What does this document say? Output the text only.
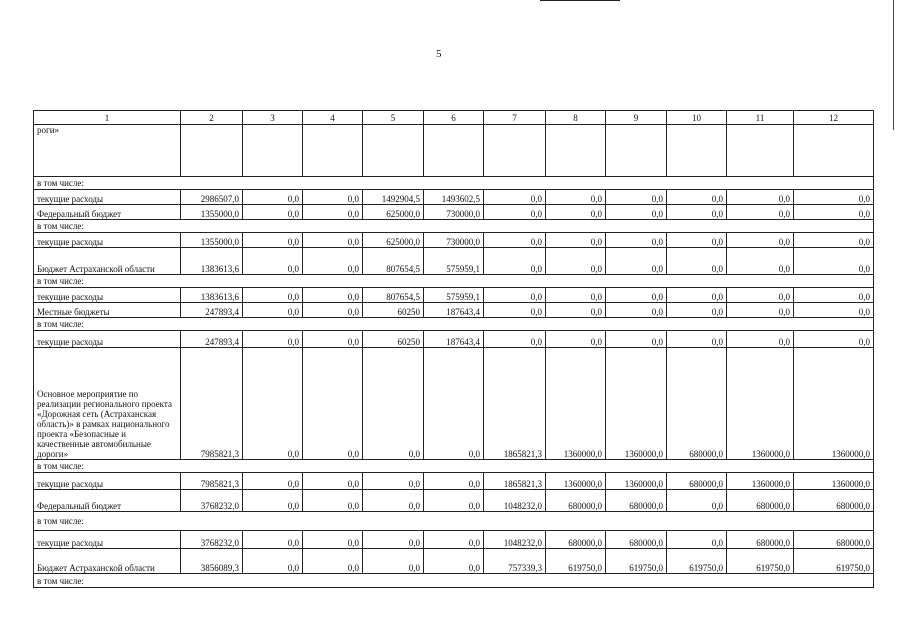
5
1	2	3	4	5	6	7	8	9	10	11	12
роги»											
в том числе:											
текущие расходы	2986507,0	0,0	0,0	1492904,5	1493602,5	0,0	0,0	0,0	0,0	0,0	0,0
Федеральный бюджет	1355000,0	0,0	0,0	625000,0	730000,0	0,0	0,0	0,0	0,0	0,0	0,0
в том числе:											
текущие расходы	1355000,0	0,0	0,0	625000,0	730000,0	0,0	0,0	0,0	0,0	0,0	0,0
Бюджет Астраханской области	1383613,6	0,0	0,0	807654,5	575959,1	0,0	0,0	0,0	0,0	0,0	0,0
в том числе:											
текущие расходы	1383613,6	0,0	0,0	807654,5	575959,1	0,0	0,0	0,0	0,0	0,0	0,0
Местные бюджеты	247893,4	0,0	0,0	60250	187643,4	0,0	0,0	0,0	0,0	0,0	0,0
в том числе:											
текущие расходы	247893,4	0,0	0,0	60250	187643,4	0,0	0,0	0,0	0,0	0,0	0,0
Основное мероприятие по реализации регионального проекта «Дорожная сеть (Астраханская область)» в рамках национального проекта «Безопасные и качественные автомобильные дороги»	7985821,3	0,0	0,0	0,0	0,0	1865821,3	1360000,0	1360000,0	680000,0	1360000,0	1360000,0
в том числе:											
текущие расходы	7985821,3	0,0	0,0	0,0	0,0	1865821,3	1360000,0	1360000,0	680000,0	1360000,0	1360000,0
Федеральный бюджет	3768232,0	0,0	0,0	0,0	0,0	1048232,0	680000,0	680000,0	0,0	680000,0	680000,0
в том числе:											
текущие расходы	3768232,0	0,0	0,0	0,0	0,0	1048232,0	680000,0	680000,0	0,0	680000,0	680000,0
Бюджет Астраханской области	3856089,3	0,0	0,0	0,0	0,0	757339,3	619750,0	619750,0	619750,0	619750,0	619750,0
в том числе:											
